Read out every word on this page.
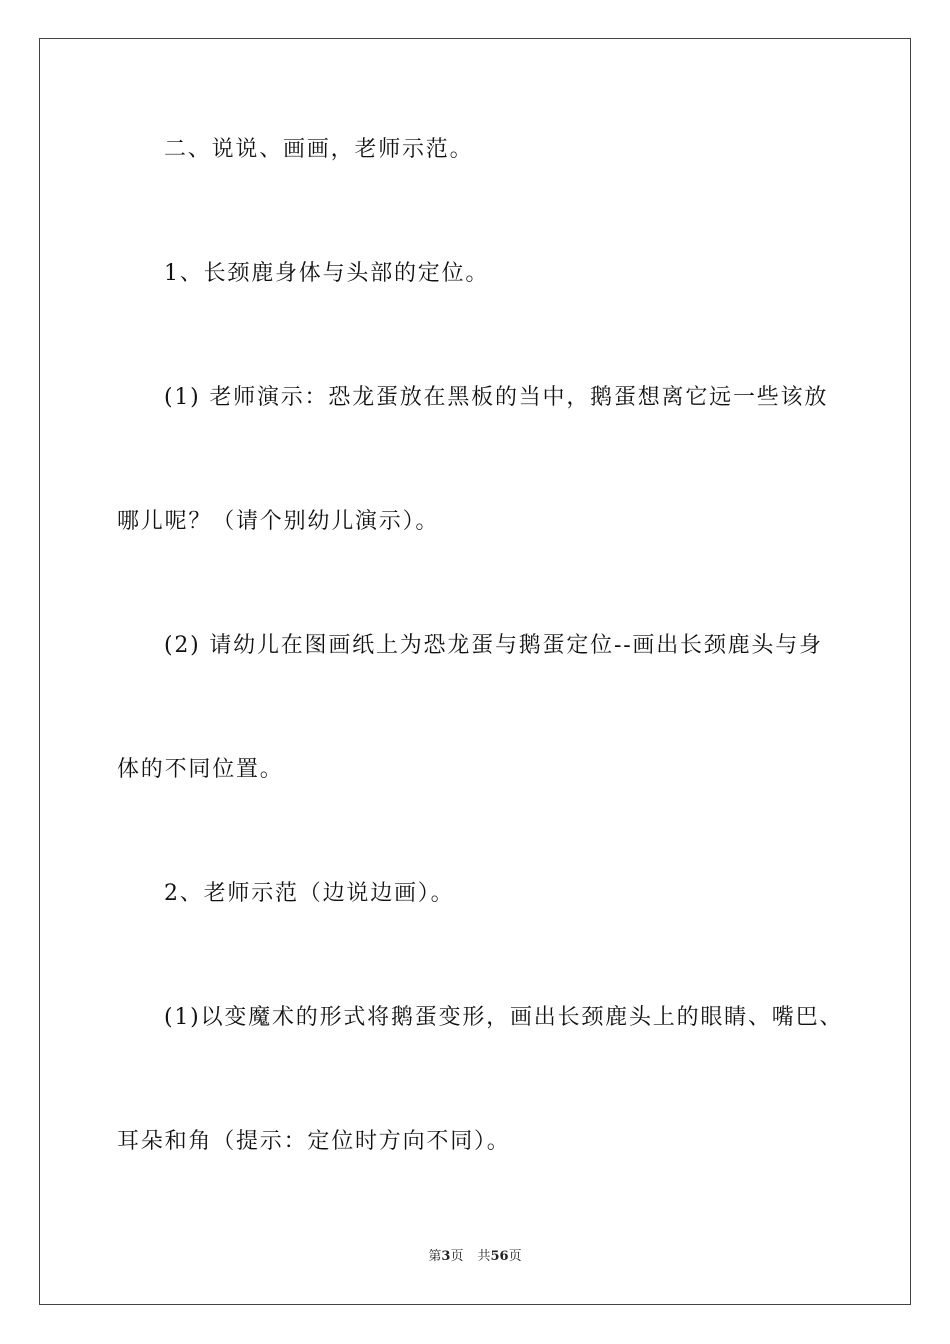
二、说说、画画，老师示范。
1、长颈鹿身体与头部的定位。
(1) 老师演示：恐龙蛋放在黑板的当中，鹅蛋想离它远一些该放
哪儿呢？（请个别幼儿演示）。
(2) 请幼儿在图画纸上为恐龙蛋与鹅蛋定位--画出长颈鹿头与身
体的不同位置。
2、老师示范（边说边画）。
(1)以变魔术的形式将鹅蛋变形，画出长颈鹿头上的眼睛、嘴巴、
耳朵和角（提示：定位时方向不同）。
第3页 共56页
